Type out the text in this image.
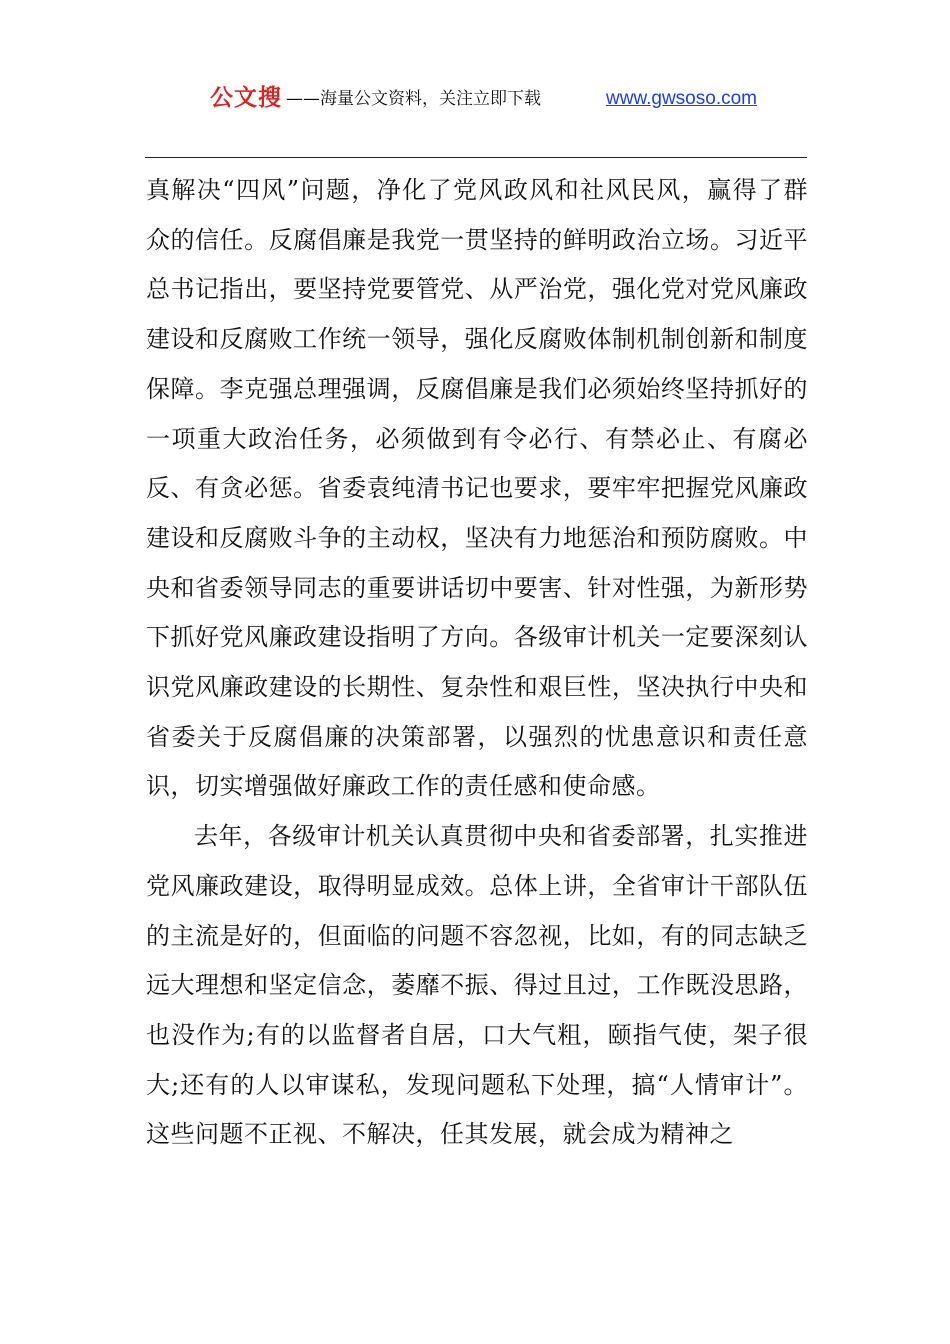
公文搜 ——海量公文资料，关注立即下载	www.gwsoso.com

真解决“四风”问题，净化了党风政风和社风民风，赢得了群众的信任。反腐倡廉是我党一贯坚持的鲜明政治立场。习近平总书记指出，要坚持党要管党、从严治党，强化党对党风廉政建设和反腐败工作统一领导，强化反腐败体制机制创新和制度保障。李克强总理强调，反腐倡廉是我们必须始终坚持抓好的一项重大政治任务，必须做到有令必行、有禁必止、有腐必反、有贪必惩。省委袁纯清书记也要求，要牢牢把握党风廉政建设和反腐败斗争的主动权，坚决有力地惩治和预防腐败。中央和省委领导同志的重要讲话切中要害、针对性强，为新形势下抓好党风廉政建设指明了方向。各级审计机关一定要深刻认识党风廉政建设的长期性、复杂性和艰巨性，坚决执行中央和省委关于反腐倡廉的决策部署，以强烈的忧患意识和责任意识，切实增强做好廉政工作的责任感和使命感。

去年，各级审计机关认真贯彻中央和省委部署，扎实推进党风廉政建设，取得明显成效。总体上讲，全省审计干部队伍的主流是好的，但面临的问题不容忽视，比如，有的同志缺乏远大理想和坚定信念，萎靡不振、得过且过，工作既没思路，也没作为;有的以监督者自居，口大气粗，颐指气使，架子很大;还有的人以审谋私，发现问题私下处理，搞“人情审计”。这些问题不正视、不解决，任其发展，就会成为精神之
